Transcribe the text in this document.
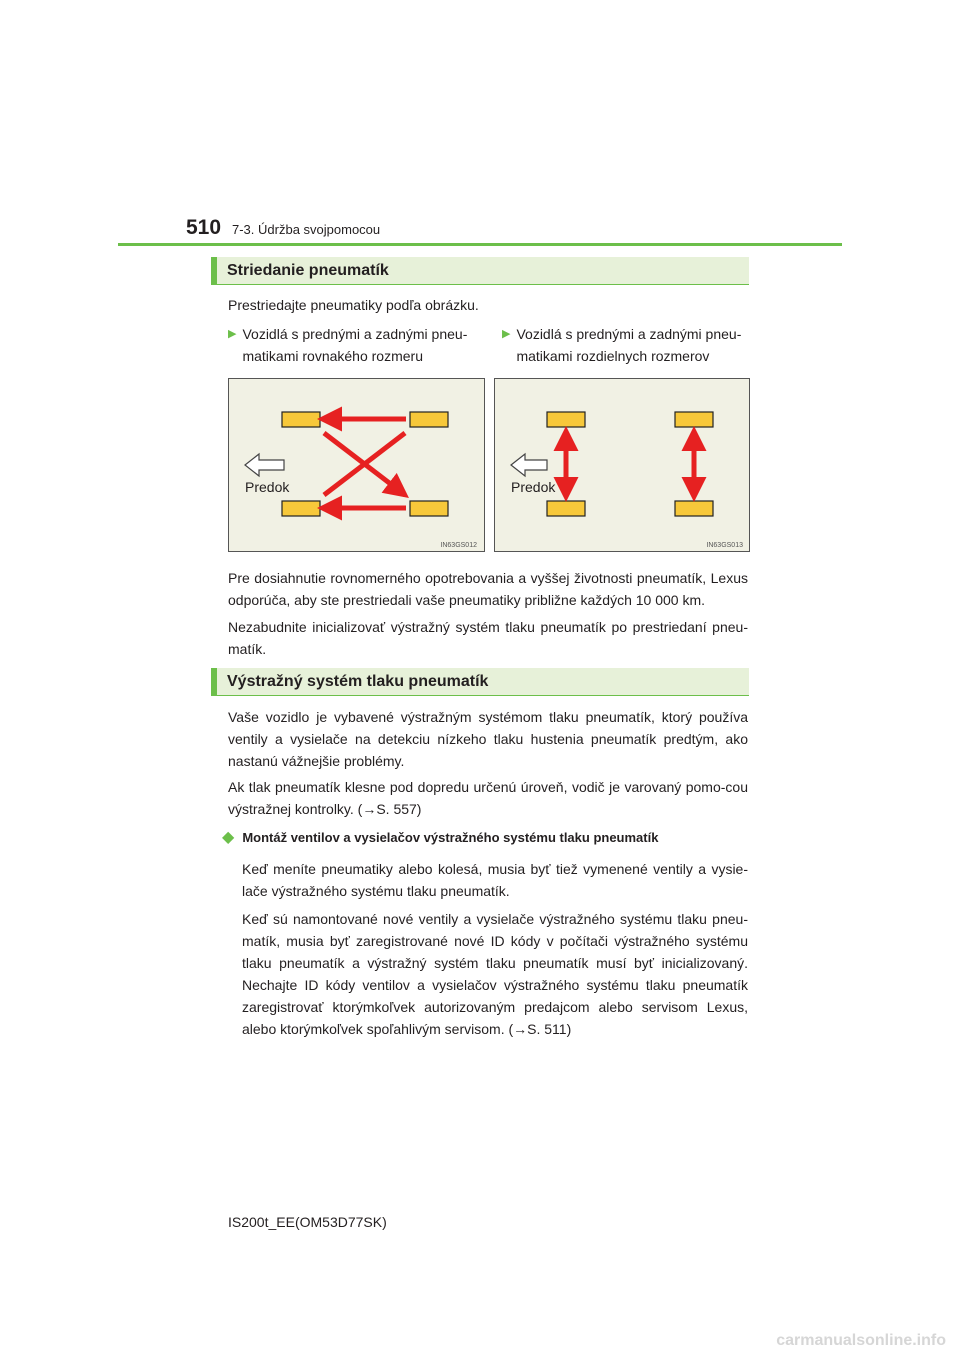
510 7-3. Údržba svojpomocou
Striedanie pneumatík
Prestriedajte pneumatiky podľa obrázku.
▶ Vozidlá s prednými a zadnými pneu-
matikami rovnakého rozmeru
▶ Vozidlá s prednými a zadnými pneu-
matikami rozdielnych rozmerov
Predok
IN63GS012
Predok
IN63GS013
Pre dosiahnutie rovnomerného opotrebovania a vyššej životnosti pneumatík, Lexus odporúča, aby ste prestriedali vaše pneumatiky približne každých 10 000 km.
Nezabudnite inicializovať výstražný systém tlaku pneumatík po prestriedaní pneu-matík.
Výstražný systém tlaku pneumatík
Vaše vozidlo je vybavené výstražným systémom tlaku pneumatík, ktorý používa ventily a vysielače na detekciu nízkeho tlaku hustenia pneumatík predtým, ako nastanú vážnejšie problémy.
Ak tlak pneumatík klesne pod dopredu určenú úroveň, vodič je varovaný pomo-cou výstražnej kontrolky. (→S. 557)
◆ Montáž ventilov a vysielačov výstražného systému tlaku pneumatík
Keď meníte pneumatiky alebo kolesá, musia byť tiež vymenené ventily a vysie-lače výstražného systému tlaku pneumatík.
Keď sú namontované nové ventily a vysielače výstražného systému tlaku pneu-matík, musia byť zaregistrované nové ID kódy v počítači výstražného systému tlaku pneumatík a výstražný systém tlaku pneumatík musí byť inicializovaný. Nechajte ID kódy ventilov a vysielačov výstražného systému tlaku pneumatík zaregistrovať ktorýmkoľvek autorizovaným predajcom alebo servisom Lexus, alebo ktorýmkoľvek spoľahlivým servisom. (→S. 511)
IS200t_EE(OM53D77SK)
carmanualsonline.info
